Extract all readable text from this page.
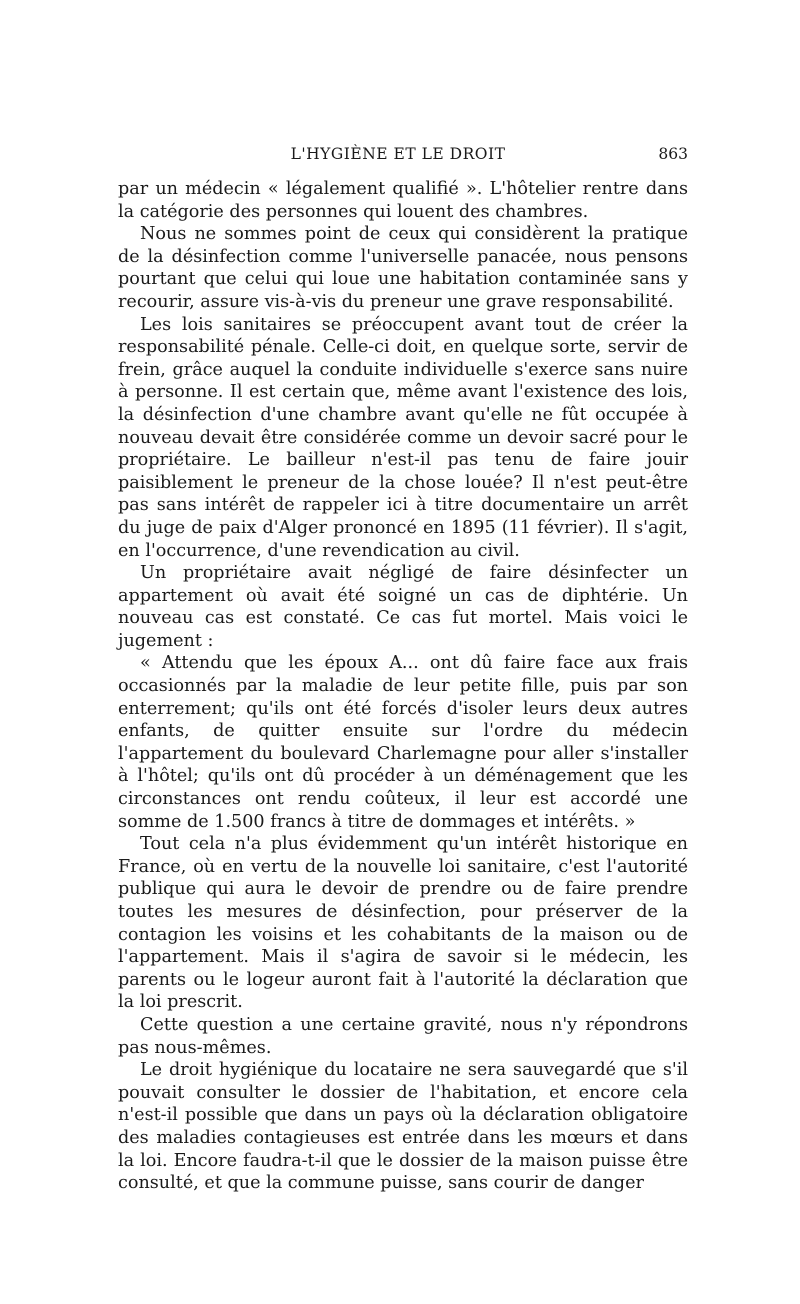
L'HYGIÈNE ET LE DROIT	863

par un médecin « légalement qualifié ». L'hôtelier rentre dans la catégorie des personnes qui louent des chambres.

Nous ne sommes point de ceux qui considèrent la pratique de la désinfection comme l'universelle panacée, nous pensons pourtant que celui qui loue une habitation contaminée sans y recourir, assure vis-à-vis du preneur une grave responsabilité.

Les lois sanitaires se préoccupent avant tout de créer la responsabilité pénale. Celle-ci doit, en quelque sorte, servir de frein, grâce auquel la conduite individuelle s'exerce sans nuire à personne. Il est certain que, même avant l'existence des lois, la désinfection d'une chambre avant qu'elle ne fût occupée à nouveau devait être considérée comme un devoir sacré pour le propriétaire. Le bailleur n'est-il pas tenu de faire jouir paisiblement le preneur de la chose louée? Il n'est peut-être pas sans intérêt de rappeler ici à titre documentaire un arrêt du juge de paix d'Alger prononcé en 1895 (11 février). Il s'agit, en l'occurrence, d'une revendication au civil.

Un propriétaire avait négligé de faire désinfecter un appartement où avait été soigné un cas de diphtérie. Un nouveau cas est constaté. Ce cas fut mortel. Mais voici le jugement :

« Attendu que les époux A... ont dû faire face aux frais occasionnés par la maladie de leur petite fille, puis par son enterrement; qu'ils ont été forcés d'isoler leurs deux autres enfants, de quitter ensuite sur l'ordre du médecin l'appartement du boulevard Charlemagne pour aller s'installer à l'hôtel; qu'ils ont dû procéder à un déménagement que les circonstances ont rendu coûteux, il leur est accordé une somme de 1.500 francs à titre de dommages et intérêts. »

Tout cela n'a plus évidemment qu'un intérêt historique en France, où en vertu de la nouvelle loi sanitaire, c'est l'autorité publique qui aura le devoir de prendre ou de faire prendre toutes les mesures de désinfection, pour préserver de la contagion les voisins et les cohabitants de la maison ou de l'appartement. Mais il s'agira de savoir si le médecin, les parents ou le logeur auront fait à l'autorité la déclaration que la loi prescrit.

Cette question a une certaine gravité, nous n'y répondrons pas nous-mêmes.

Le droit hygiénique du locataire ne sera sauvegardé que s'il pouvait consulter le dossier de l'habitation, et encore cela n'est-il possible que dans un pays où la déclaration obligatoire des maladies contagieuses est entrée dans les mœurs et dans la loi. Encore faudra-t-il que le dossier de la maison puisse être consulté, et que la commune puisse, sans courir de danger
